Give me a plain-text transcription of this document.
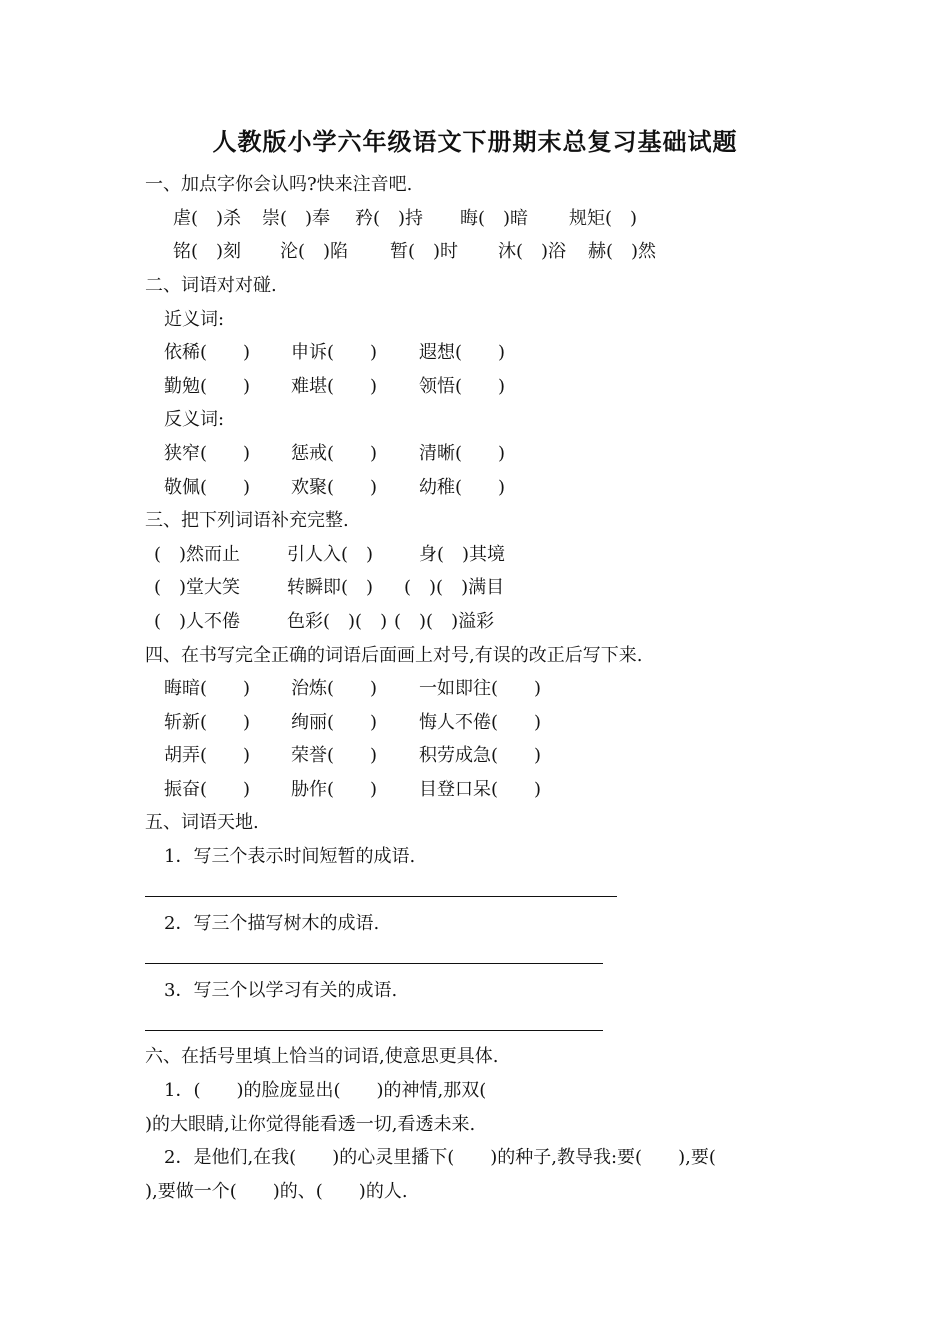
人教版小学六年级语文下册期末总复习基础试题
一、加点字你会认吗?快来注音吧.
虐(　)杀 崇(　)奉 矜(　)持 晦(　)暗 规矩(　)
铭(　)刻 沦(　)陷 暂(　)时 沐(　)浴 赫(　)然
二、词语对对碰.
近义词:
依稀(　　) 申诉(　　) 遐想(　　)
勤勉(　　) 难堪(　　) 领悟(　　)
反义词:
狭窄(　　) 惩戒(　　) 清晰(　　)
敬佩(　　) 欢聚(　　) 幼稚(　　)
三、把下列词语补充完整.
(　)然而止	引人入(　)	身(　)其境
(　)堂大笑	转瞬即(　) (　)(　)满目
(　)人不倦	色彩(　)(　) (　)(　)溢彩
四、在书写完全正确的词语后面画上对号,有误的改正后写下来.
晦暗(　　) 治炼(　　) 一如即往(　　)
斩新(　　) 绚丽(　　) 悔人不倦(　　)
胡弄(　　) 荣誉(　　) 积劳成急(　　)
振奋(　　) 胁作(　　) 目登口呆(　　)
五、词语天地.
1．写三个表示时间短暂的成语.
2．写三个描写树木的成语.
3．写三个以学习有关的成语.
六、在括号里填上恰当的词语,使意思更具体.
1．(　　)的脸庞显出(　　)的神情,那双(
)的大眼睛,让你觉得能看透一切,看透未来.
2．是他们,在我(　　)的心灵里播下(　　)的种子,教导我:要(　　),要(
),要做一个(　　)的、(　　)的人.
